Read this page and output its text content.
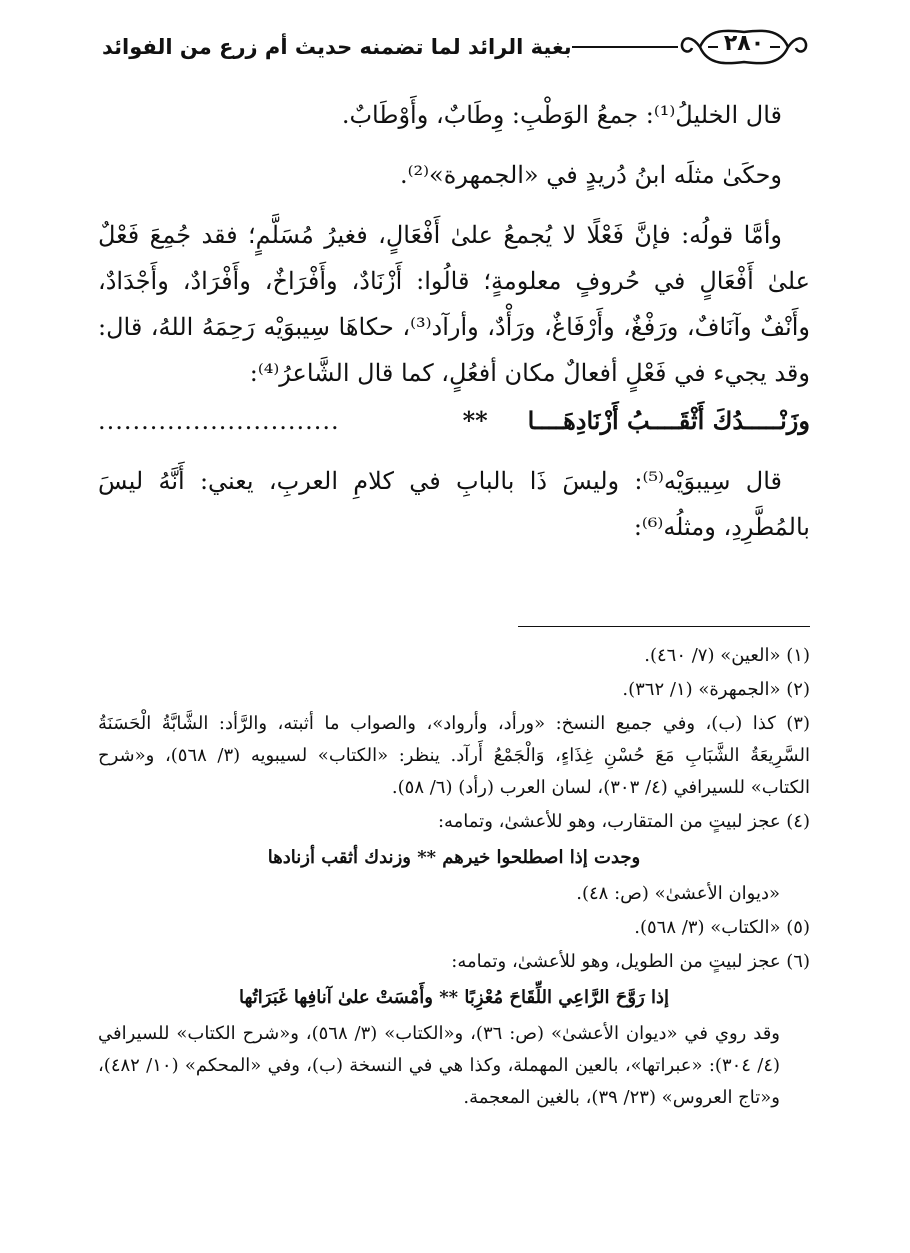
٢٨٠
بغية الرائد لما تضمنه حديث أم زرع من الفوائد

قال الخليلُ⁽¹⁾: جمعُ الوَطْبِ: وِطَابٌ، وأَوْطَابٌ.

وحكَىٰ مثلَه ابنُ دُريدٍ في «الجمهرة»⁽²⁾.

وأمَّا قولُه: فإنَّ فَعْلًا لا يُجمعُ علىٰ أَفْعَالٍ، فغيرُ مُسَلَّمٍ؛ فقد جُمِعَ فَعْلٌ علىٰ أَفْعَالٍ في حُروفٍ معلومةٍ؛ قالُوا: أَزْنَادٌ، وأَفْرَاخٌ، وأَفْرَادٌ، وأَجْدَادٌ، وأَنْفٌ وآنَافٌ، ورَفْغٌ، وأَرْفَاغٌ، ورَأْدٌ، وأرآد⁽³⁾، حكاهَا سِيبوَيْه رَحِمَهُ اللهُ، قال: وقد يجيء في فَعْلٍ أفعالٌ مكان أفعُلٍ، كما قال الشَّاعرُ⁽⁴⁾:

وزَنْـــــدُكَ أَثْقَــــبُ أَزْنَادِهَــــا
**
............................

قال سِيبوَيْه⁽⁵⁾: وليسَ ذَا بالبابِ في كلامِ العربِ، يعني: أَنَّهُ ليسَ بالمُطَّرِدِ، ومثلُه⁽⁶⁾:

(١) «العين» (٧/ ٤٦٠).
(٢) «الجمهرة» (١/ ٣٦٢).
(٣) كذا (ب)، وفي جميع النسخ: «ورأد، وأرواد»، والصواب ما أثبته، والرَّأد: الشَّابَّةُ الْحَسَنَةُ السَّرِيعَةُ الشَّبَابِ مَعَ حُسْنِ غِذَاءٍ، وَالْجَمْعُ أَرآد. ينظر: «الكتاب» لسيبويه (٣/ ٥٦٨)، و«شرح الكتاب» للسيرافي (٤/ ٣٠٣)، لسان العرب (رأد) (٦/ ٥٨).
(٤) عجز لبيتٍ من المتقارب، وهو للأعشىٰ، وتمامه:
وجدت إذا اصطلحوا خيرهم ** وزندك أثقب أزنادها
«ديوان الأعشىٰ» (ص: ٤٨).
(٥) «الكتاب» (٣/ ٥٦٨).
(٦) عجز لبيتٍ من الطويل، وهو للأعشىٰ، وتمامه:
إذا رَوَّحَ الرَّاعِي اللِّقَاحَ مُعْزِبًا ** وأَمْسَتْ علىٰ آنافِها غَبَرَاتُها
وقد روي في «ديوان الأعشىٰ» (ص: ٣٦)، و«الكتاب» (٣/ ٥٦٨)، و«شرح الكتاب» للسيرافي (٤/ ٣٠٤): «عبراتها»، بالعين المهملة، وكذا هي في النسخة (ب)، وفي «المحكم» (١٠/ ٤٨٢)، و«تاج العروس» (٢٣/ ٣٩)، بالغين المعجمة.
